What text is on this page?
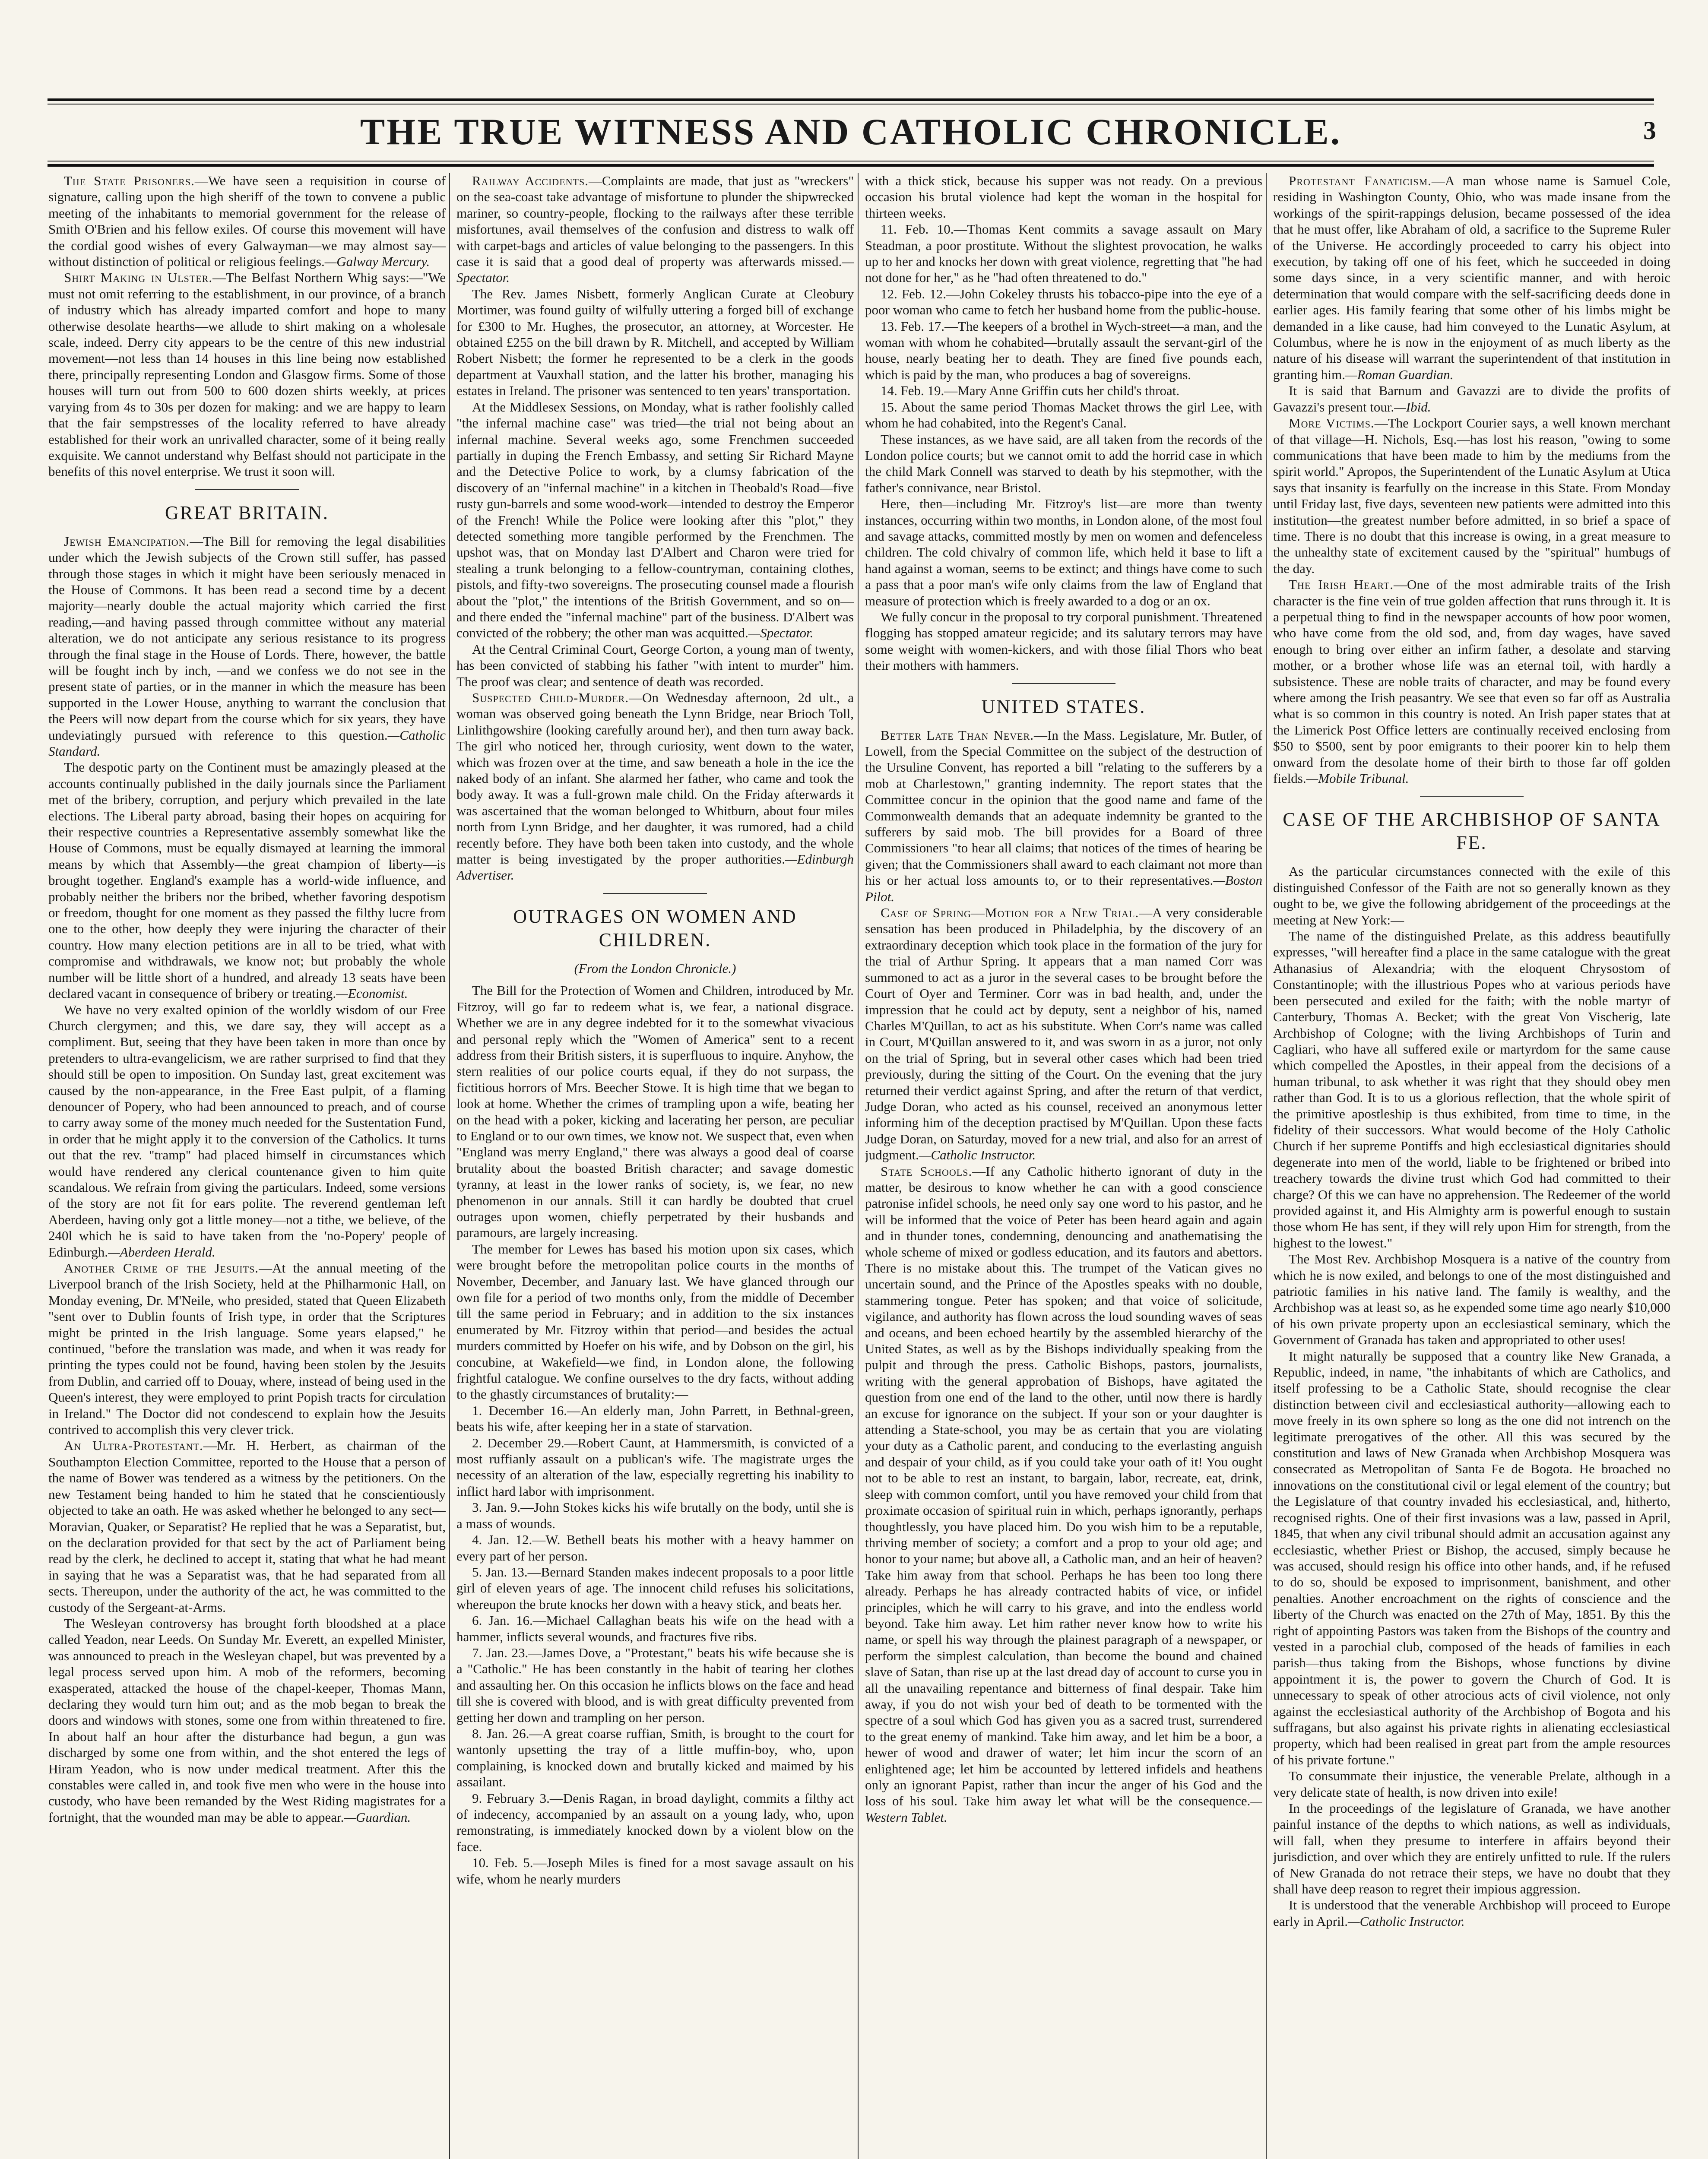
THE TRUE WITNESS AND CATHOLIC CHRONICLE.	3

The State Prisoners.—We have seen a requisition in course of signature, calling upon the high sheriff of the town to convene a public meeting of the inhabitants to memorial government for the release of Smith O'Brien and his fellow exiles. Of course this movement will have the cordial good wishes of every Galwayman—we may almost say—without distinction of political or religious feelings.—Galway Mercury.

Shirt Making in Ulster.—The Belfast Northern Whig says:—"We must not omit referring to the establishment, in our province, of a branch of industry which has already imparted comfort and hope to many otherwise desolate hearths—we allude to shirt making on a wholesale scale, indeed. Derry city appears to be the centre of this new industrial movement—not less than 14 houses in this line being now established there, principally representing London and Glasgow firms. Some of those houses will turn out from 500 to 600 dozen shirts weekly, at prices varying from 4s to 30s per dozen for making: and we are happy to learn that the fair sempstresses of the locality referred to have already established for their work an unrivalled character, some of it being really exquisite. We cannot understand why Belfast should not participate in the benefits of this novel enterprise. We trust it soon will.

GREAT BRITAIN.

Jewish Emancipation.—The Bill for removing the legal disabilities under which the Jewish subjects of the Crown still suffer, has passed through those stages in which it might have been seriously menaced in the House of Commons. It has been read a second time by a decent majority—nearly double the actual majority which carried the first reading,—and having passed through committee without any material alteration, we do not anticipate any serious resistance to its progress through the final stage in the House of Lords. There, however, the battle will be fought inch by inch, —and we confess we do not see in the present state of parties, or in the manner in which the measure has been supported in the Lower House, anything to warrant the conclusion that the Peers will now depart from the course which for six years, they have undeviatingly pursued with reference to this question.—Catholic Standard.

The despotic party on the Continent must be amazingly pleased at the accounts continually published in the daily journals since the Parliament met of the bribery, corruption, and perjury which prevailed in the late elections. The Liberal party abroad, basing their hopes on acquiring for their respective countries a Representative assembly somewhat like the House of Commons, must be equally dismayed at learning the immoral means by which that Assembly—the great champion of liberty—is brought together. England's example has a world-wide influence, and probably neither the bribers nor the bribed, whether favoring despotism or freedom, thought for one moment as they passed the filthy lucre from one to the other, how deeply they were injuring the character of their country. How many election petitions are in all to be tried, what with compromise and withdrawals, we know not; but probably the whole number will be little short of a hundred, and already 13 seats have been declared vacant in consequence of bribery or treating.—Economist.

We have no very exalted opinion of the worldly wisdom of our Free Church clergymen; and this, we dare say, they will accept as a compliment. But, seeing that they have been taken in more than once by pretenders to ultra-evangelicism, we are rather surprised to find that they should still be open to imposition. On Sunday last, great excitement was caused by the non-appearance, in the Free East pulpit, of a flaming denouncer of Popery, who had been announced to preach, and of course to carry away some of the money much needed for the Sustentation Fund, in order that he might apply it to the conversion of the Catholics. It turns out that the rev. "tramp" had placed himself in circumstances which would have rendered any clerical countenance given to him quite scandalous. We refrain from giving the particulars. Indeed, some versions of the story are not fit for ears polite. The reverend gentleman left Aberdeen, having only got a little money—not a tithe, we believe, of the 240l which he is said to have taken from the 'no-Popery' people of Edinburgh.—Aberdeen Herald.

Another Crime of the Jesuits.—At the annual meeting of the Liverpool branch of the Irish Society, held at the Philharmonic Hall, on Monday evening, Dr. M'Neile, who presided, stated that Queen Elizabeth "sent over to Dublin founts of Irish type, in order that the Scriptures might be printed in the Irish language. Some years elapsed," he continued, "before the translation was made, and when it was ready for printing the types could not be found, having been stolen by the Jesuits from Dublin, and carried off to Douay, where, instead of being used in the Queen's interest, they were employed to print Popish tracts for circulation in Ireland." The Doctor did not condescend to explain how the Jesuits contrived to accomplish this very clever trick.

An Ultra-Protestant.—Mr. H. Herbert, as chairman of the Southampton Election Committee, reported to the House that a person of the name of Bower was tendered as a witness by the petitioners. On the new Testament being handed to him he stated that he conscientiously objected to take an oath. He was asked whether he belonged to any sect—Moravian, Quaker, or Separatist? He replied that he was a Separatist, but, on the declaration provided for that sect by the act of Parliament being read by the clerk, he declined to accept it, stating that what he had meant in saying that he was a Separatist was, that he had separated from all sects. Thereupon, under the authority of the act, he was committed to the custody of the Sergeant-at-Arms.

The Wesleyan controversy has brought forth bloodshed at a place called Yeadon, near Leeds. On Sunday Mr. Everett, an expelled Minister, was announced to preach in the Wesleyan chapel, but was prevented by a legal process served upon him. A mob of the reformers, becoming exasperated, attacked the house of the chapel-keeper, Thomas Mann, declaring they would turn him out; and as the mob began to break the doors and windows with stones, some one from within threatened to fire. In about half an hour after the disturbance had begun, a gun was discharged by some one from within, and the shot entered the legs of Hiram Yeadon, who is now under medical treatment. After this the constables were called in, and took five men who were in the house into custody, who have been remanded by the West Riding magistrates for a fortnight, that the wounded man may be able to appear.—Guardian.

Railway Accidents.—Complaints are made, that just as "wreckers" on the sea-coast take advantage of misfortune to plunder the shipwrecked mariner, so country-people, flocking to the railways after these terrible misfortunes, avail themselves of the confusion and distress to walk off with carpet-bags and articles of value belonging to the passengers. In this case it is said that a good deal of property was afterwards missed.—Spectator.

The Rev. James Nisbett, formerly Anglican Curate at Cleobury Mortimer, was found guilty of wilfully uttering a forged bill of exchange for £300 to Mr. Hughes, the prosecutor, an attorney, at Worcester. He obtained £255 on the bill drawn by R. Mitchell, and accepted by William Robert Nisbett; the former he represented to be a clerk in the goods department at Vauxhall station, and the latter his brother, managing his estates in Ireland. The prisoner was sentenced to ten years' transportation.

At the Middlesex Sessions, on Monday, what is rather foolishly called "the infernal machine case" was tried—the trial not being about an infernal machine. Several weeks ago, some Frenchmen succeeded partially in duping the French Embassy, and setting Sir Richard Mayne and the Detective Police to work, by a clumsy fabrication of the discovery of an "infernal machine" in a kitchen in Theobald's Road—five rusty gun-barrels and some wood-work—intended to destroy the Emperor of the French! While the Police were looking after this "plot," they detected something more tangible performed by the Frenchmen. The upshot was, that on Monday last D'Albert and Charon were tried for stealing a trunk belonging to a fellow-countryman, containing clothes, pistols, and fifty-two sovereigns. The prosecuting counsel made a flourish about the "plot," the intentions of the British Government, and so on—and there ended the "infernal machine" part of the business. D'Albert was convicted of the robbery; the other man was acquitted.—Spectator.

At the Central Criminal Court, George Corton, a young man of twenty, has been convicted of stabbing his father "with intent to murder" him. The proof was clear; and sentence of death was recorded.

Suspected Child-Murder.—On Wednesday afternoon, 2d ult., a woman was observed going beneath the Lynn Bridge, near Brioch Toll, Linlithgowshire (looking carefully around her), and then turn away back. The girl who noticed her, through curiosity, went down to the water, which was frozen over at the time, and saw beneath a hole in the ice the naked body of an infant. She alarmed her father, who came and took the body away. It was a full-grown male child. On the Friday afterwards it was ascertained that the woman belonged to Whitburn, about four miles north from Lynn Bridge, and her daughter, it was rumored, had a child recently before. They have both been taken into custody, and the whole matter is being investigated by the proper authorities.—Edinburgh Advertiser.

OUTRAGES ON WOMEN AND CHILDREN.

(From the London Chronicle.)

The Bill for the Protection of Women and Children, introduced by Mr. Fitzroy, will go far to redeem what is, we fear, a national disgrace. Whether we are in any degree indebted for it to the somewhat vivacious and personal reply which the "Women of America" sent to a recent address from their British sisters, it is superfluous to inquire. Anyhow, the stern realities of our police courts equal, if they do not surpass, the fictitious horrors of Mrs. Beecher Stowe. It is high time that we began to look at home. Whether the crimes of trampling upon a wife, beating her on the head with a poker, kicking and lacerating her person, are peculiar to England or to our own times, we know not. We suspect that, even when "England was merry England," there was always a good deal of coarse brutality about the boasted British character; and savage domestic tyranny, at least in the lower ranks of society, is, we fear, no new phenomenon in our annals. Still it can hardly be doubted that cruel outrages upon women, chiefly perpetrated by their husbands and paramours, are largely increasing.

The member for Lewes has based his motion upon six cases, which were brought before the metropolitan police courts in the months of November, December, and January last. We have glanced through our own file for a period of two months only, from the middle of December till the same period in February; and in addition to the six instances enumerated by Mr. Fitzroy within that period—and besides the actual murders committed by Hoefer on his wife, and by Dobson on the girl, his concubine, at Wakefield—we find, in London alone, the following frightful catalogue. We confine ourselves to the dry facts, without adding to the ghastly circumstances of brutality:—

1. December 16.—An elderly man, John Parrett, in Bethnal-green, beats his wife, after keeping her in a state of starvation.

2. December 29.—Robert Caunt, at Hammersmith, is convicted of a most ruffianly assault on a publican's wife. The magistrate urges the necessity of an alteration of the law, especially regretting his inability to inflict hard labor with imprisonment.

3. Jan. 9.—John Stokes kicks his wife brutally on the body, until she is a mass of wounds.

4. Jan. 12.—W. Bethell beats his mother with a heavy hammer on every part of her person.

5. Jan. 13.—Bernard Standen makes indecent proposals to a poor little girl of eleven years of age. The innocent child refuses his solicitations, whereupon the brute knocks her down with a heavy stick, and beats her.

6. Jan. 16.—Michael Callaghan beats his wife on the head with a hammer, inflicts several wounds, and fractures five ribs.

7. Jan. 23.—James Dove, a "Protestant," beats his wife because she is a "Catholic." He has been constantly in the habit of tearing her clothes and assaulting her. On this occasion he inflicts blows on the face and head till she is covered with blood, and is with great difficulty prevented from getting her down and trampling on her person.

8. Jan. 26.—A great coarse ruffian, Smith, is brought to the court for wantonly upsetting the tray of a little muffin-boy, who, upon complaining, is knocked down and brutally kicked and maimed by his assailant.

9. February 3.—Denis Ragan, in broad daylight, commits a filthy act of indecency, accompanied by an assault on a young lady, who, upon remonstrating, is immediately knocked down by a violent blow on the face.

10. Feb. 5.—Joseph Miles is fined for a most savage assault on his wife, whom he nearly murders

with a thick stick, because his supper was not ready. On a previous occasion his brutal violence had kept the woman in the hospital for thirteen weeks.

11. Feb. 10.—Thomas Kent commits a savage assault on Mary Steadman, a poor prostitute. Without the slightest provocation, he walks up to her and knocks her down with great violence, regretting that "he had not done for her," as he "had often threatened to do."

12. Feb. 12.—John Cokeley thrusts his tobacco-pipe into the eye of a poor woman who came to fetch her husband home from the public-house.

13. Feb. 17.—The keepers of a brothel in Wych-street—a man, and the woman with whom he cohabited—brutally assault the servant-girl of the house, nearly beating her to death. They are fined five pounds each, which is paid by the man, who produces a bag of sovereigns.

14. Feb. 19.—Mary Anne Griffin cuts her child's throat.

15. About the same period Thomas Macket throws the girl Lee, with whom he had cohabited, into the Regent's Canal.

These instances, as we have said, are all taken from the records of the London police courts; but we cannot omit to add the horrid case in which the child Mark Connell was starved to death by his stepmother, with the father's connivance, near Bristol.

Here, then—including Mr. Fitzroy's list—are more than twenty instances, occurring within two months, in London alone, of the most foul and savage attacks, committed mostly by men on women and defenceless children. The cold chivalry of common life, which held it base to lift a hand against a woman, seems to be extinct; and things have come to such a pass that a poor man's wife only claims from the law of England that measure of protection which is freely awarded to a dog or an ox.

We fully concur in the proposal to try corporal punishment. Threatened flogging has stopped amateur regicide; and its salutary terrors may have some weight with women-kickers, and with those filial Thors who beat their mothers with hammers.

UNITED STATES.

Better Late Than Never.—In the Mass. Legislature, Mr. Butler, of Lowell, from the Special Committee on the subject of the destruction of the Ursuline Convent, has reported a bill "relating to the sufferers by a mob at Charlestown," granting indemnity. The report states that the Committee concur in the opinion that the good name and fame of the Commonwealth demands that an adequate indemnity be granted to the sufferers by said mob. The bill provides for a Board of three Commissioners "to hear all claims; that notices of the times of hearing be given; that the Commissioners shall award to each claimant not more than his or her actual loss amounts to, or to their representatives.—Boston Pilot.

Case of Spring—Motion for a New Trial.—A very considerable sensation has been produced in Philadelphia, by the discovery of an extraordinary deception which took place in the formation of the jury for the trial of Arthur Spring. It appears that a man named Corr was summoned to act as a juror in the several cases to be brought before the Court of Oyer and Terminer. Corr was in bad health, and, under the impression that he could act by deputy, sent a neighbor of his, named Charles M'Quillan, to act as his substitute. When Corr's name was called in Court, M'Quillan answered to it, and was sworn in as a juror, not only on the trial of Spring, but in several other cases which had been tried previously, during the sitting of the Court. On the evening that the jury returned their verdict against Spring, and after the return of that verdict, Judge Doran, who acted as his counsel, received an anonymous letter informing him of the deception practised by M'Quillan. Upon these facts Judge Doran, on Saturday, moved for a new trial, and also for an arrest of judgment.—Catholic Instructor.

State Schools.—If any Catholic hitherto ignorant of duty in the matter, be desirous to know whether he can with a good conscience patronise infidel schools, he need only say one word to his pastor, and he will be informed that the voice of Peter has been heard again and again and in thunder tones, condemning, denouncing and anathematising the whole scheme of mixed or godless education, and its fautors and abettors. There is no mistake about this. The trumpet of the Vatican gives no uncertain sound, and the Prince of the Apostles speaks with no double, stammering tongue. Peter has spoken; and that voice of solicitude, vigilance, and authority has flown across the loud sounding waves of seas and oceans, and been echoed heartily by the assembled hierarchy of the United States, as well as by the Bishops individually speaking from the pulpit and through the press. Catholic Bishops, pastors, journalists, writing with the general approbation of Bishops, have agitated the question from one end of the land to the other, until now there is hardly an excuse for ignorance on the subject. If your son or your daughter is attending a State-school, you may be as certain that you are violating your duty as a Catholic parent, and conducing to the everlasting anguish and despair of your child, as if you could take your oath of it! You ought not to be able to rest an instant, to bargain, labor, recreate, eat, drink, sleep with common comfort, until you have removed your child from that proximate occasion of spiritual ruin in which, perhaps ignorantly, perhaps thoughtlessly, you have placed him. Do you wish him to be a reputable, thriving member of society; a comfort and a prop to your old age; and honor to your name; but above all, a Catholic man, and an heir of heaven? Take him away from that school. Perhaps he has been too long there already. Perhaps he has already contracted habits of vice, or infidel principles, which he will carry to his grave, and into the endless world beyond. Take him away. Let him rather never know how to write his name, or spell his way through the plainest paragraph of a newspaper, or perform the simplest calculation, than become the bound and chained slave of Satan, than rise up at the last dread day of account to curse you in all the unavailing repentance and bitterness of final despair. Take him away, if you do not wish your bed of death to be tormented with the spectre of a soul which God has given you as a sacred trust, surrendered to the great enemy of mankind. Take him away, and let him be a boor, a hewer of wood and drawer of water; let him incur the scorn of an enlightened age; let him be accounted by lettered infidels and heathens only an ignorant Papist, rather than incur the anger of his God and the loss of his soul. Take him away let what will be the consequence.—Western Tablet.

Protestant Fanaticism.—A man whose name is Samuel Cole, residing in Washington County, Ohio, who was made insane from the workings of the spirit-rappings delusion, became possessed of the idea that he must offer, like Abraham of old, a sacrifice to the Supreme Ruler of the Universe. He accordingly proceeded to carry his object into execution, by taking off one of his feet, which he succeeded in doing some days since, in a very scientific manner, and with heroic determination that would compare with the self-sacrificing deeds done in earlier ages. His family fearing that some other of his limbs might be demanded in a like cause, had him conveyed to the Lunatic Asylum, at Columbus, where he is now in the enjoyment of as much liberty as the nature of his disease will warrant the superintendent of that institution in granting him.—Roman Guardian.

It is said that Barnum and Gavazzi are to divide the profits of Gavazzi's present tour.—Ibid.

More Victims.—The Lockport Courier says, a well known merchant of that village—H. Nichols, Esq.—has lost his reason, "owing to some communications that have been made to him by the mediums from the spirit world." Apropos, the Superintendent of the Lunatic Asylum at Utica says that insanity is fearfully on the increase in this State. From Monday until Friday last, five days, seventeen new patients were admitted into this institution—the greatest number before admitted, in so brief a space of time. There is no doubt that this increase is owing, in a great measure to the unhealthy state of excitement caused by the "spiritual" humbugs of the day.

The Irish Heart.—One of the most admirable traits of the Irish character is the fine vein of true golden affection that runs through it. It is a perpetual thing to find in the newspaper accounts of how poor women, who have come from the old sod, and, from day wages, have saved enough to bring over either an infirm father, a desolate and starving mother, or a brother whose life was an eternal toil, with hardly a subsistence. These are noble traits of character, and may be found every where among the Irish peasantry. We see that even so far off as Australia what is so common in this country is noted. An Irish paper states that at the Limerick Post Office letters are continually received enclosing from $50 to $500, sent by poor emigrants to their poorer kin to help them onward from the desolate home of their birth to those far off golden fields.—Mobile Tribunal.

CASE OF THE ARCHBISHOP OF SANTA FE.

As the particular circumstances connected with the exile of this distinguished Confessor of the Faith are not so generally known as they ought to be, we give the following abridgement of the proceedings at the meeting at New York:—

The name of the distinguished Prelate, as this address beautifully expresses, "will hereafter find a place in the same catalogue with the great Athanasius of Alexandria; with the eloquent Chrysostom of Constantinople; with the illustrious Popes who at various periods have been persecuted and exiled for the faith; with the noble martyr of Canterbury, Thomas A. Becket; with the great Von Vischerig, late Archbishop of Cologne; with the living Archbishops of Turin and Cagliari, who have all suffered exile or martyrdom for the same cause which compelled the Apostles, in their appeal from the decisions of a human tribunal, to ask whether it was right that they should obey men rather than God. It is to us a glorious reflection, that the whole spirit of the primitive apostleship is thus exhibited, from time to time, in the fidelity of their successors. What would become of the Holy Catholic Church if her supreme Pontiffs and high ecclesiastical dignitaries should degenerate into men of the world, liable to be frightened or bribed into treachery towards the divine trust which God had committed to their charge? Of this we can have no apprehension. The Redeemer of the world provided against it, and His Almighty arm is powerful enough to sustain those whom He has sent, if they will rely upon Him for strength, from the highest to the lowest."

The Most Rev. Archbishop Mosquera is a native of the country from which he is now exiled, and belongs to one of the most distinguished and patriotic families in his native land. The family is wealthy, and the Archbishop was at least so, as he expended some time ago nearly $10,000 of his own private property upon an ecclesiastical seminary, which the Government of Granada has taken and appropriated to other uses!

It might naturally be supposed that a country like New Granada, a Republic, indeed, in name, "the inhabitants of which are Catholics, and itself professing to be a Catholic State, should recognise the clear distinction between civil and ecclesiastical authority—allowing each to move freely in its own sphere so long as the one did not intrench on the legitimate prerogatives of the other. All this was secured by the constitution and laws of New Granada when Archbishop Mosquera was consecrated as Metropolitan of Santa Fe de Bogota. He broached no innovations on the constitutional civil or legal element of the country; but the Legislature of that country invaded his ecclesiastical, and, hitherto, recognised rights. One of their first invasions was a law, passed in April, 1845, that when any civil tribunal should admit an accusation against any ecclesiastic, whether Priest or Bishop, the accused, simply because he was accused, should resign his office into other hands, and, if he refused to do so, should be exposed to imprisonment, banishment, and other penalties. Another encroachment on the rights of conscience and the liberty of the Church was enacted on the 27th of May, 1851. By this the right of appointing Pastors was taken from the Bishops of the country and vested in a parochial club, composed of the heads of families in each parish—thus taking from the Bishops, whose functions by divine appointment it is, the power to govern the Church of God. It is unnecessary to speak of other atrocious acts of civil violence, not only against the ecclesiastical authority of the Archbishop of Bogota and his suffragans, but also against his private rights in alienating ecclesiastical property, which had been realised in great part from the ample resources of his private fortune."

To consummate their injustice, the venerable Prelate, although in a very delicate state of health, is now driven into exile!

In the proceedings of the legislature of Granada, we have another painful instance of the depths to which nations, as well as individuals, will fall, when they presume to interfere in affairs beyond their jurisdiction, and over which they are entirely unfitted to rule. If the rulers of New Granada do not retrace their steps, we have no doubt that they shall have deep reason to regret their impious aggression.

It is understood that the venerable Archbishop will proceed to Europe early in April.—Catholic Instructor.
